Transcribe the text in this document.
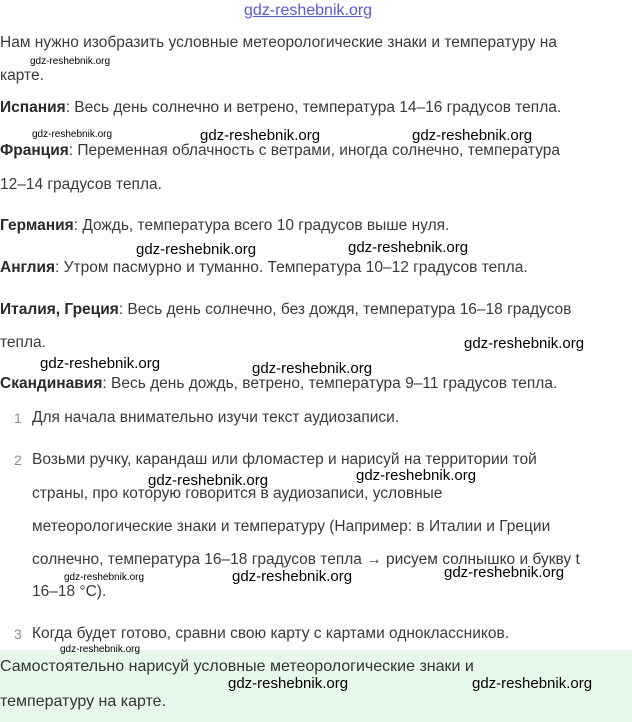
gdz-reshebnik.org
Нам нужно изобразить условные метеорологические знаки и температуру на
gdz-reshebnik.org
карте.
Испания: Весь день солнечно и ветрено, температура 14–16 градусов тепла.
gdz-reshebnik.org	gdz-reshebnik.org	gdz-reshebnik.org
Франция: Переменная облачность с ветрами, иногда солнечно, температура
12–14 градусов тепла.
Германия: Дождь, температура всего 10 градусов выше нуля.
gdz-reshebnik.org	gdz-reshebnik.org
Англия: Утром пасмурно и туманно. Температура 10–12 градусов тепла.
Италия, Греция: Весь день солнечно, без дождя, температура 16–18 градусов
тепла.	gdz-reshebnik.org
gdz-reshebnik.org	gdz-reshebnik.org
Скандинавия: Весь день дождь, ветрено, температура 9–11 градусов тепла.
1 Для начала внимательно изучи текст аудиозаписи.
2 Возьми ручку, карандаш или фломастер и нарисуй на территории той
gdz-reshebnik.org
gdz-reshebnik.org
страны, про которую говорится в аудиозаписи, условные
метеорологические знаки и температуру (Например: в Италии и Греции
солнечно, температура 16–18 градусов тепла → рисуем солнышко и букву t
gdz-reshebnik.org
gdz-reshebnik.org
gdz-reshebnik.org
16–18 °C).
3 Когда будет готово, сравни свою карту с картами одноклассников.
Самостоятельно нарисуй условные метеорологические знаки и
температуру на карте.
gdz-reshebnik.org
gdz-reshebnik.org	gdz-reshebnik.org
